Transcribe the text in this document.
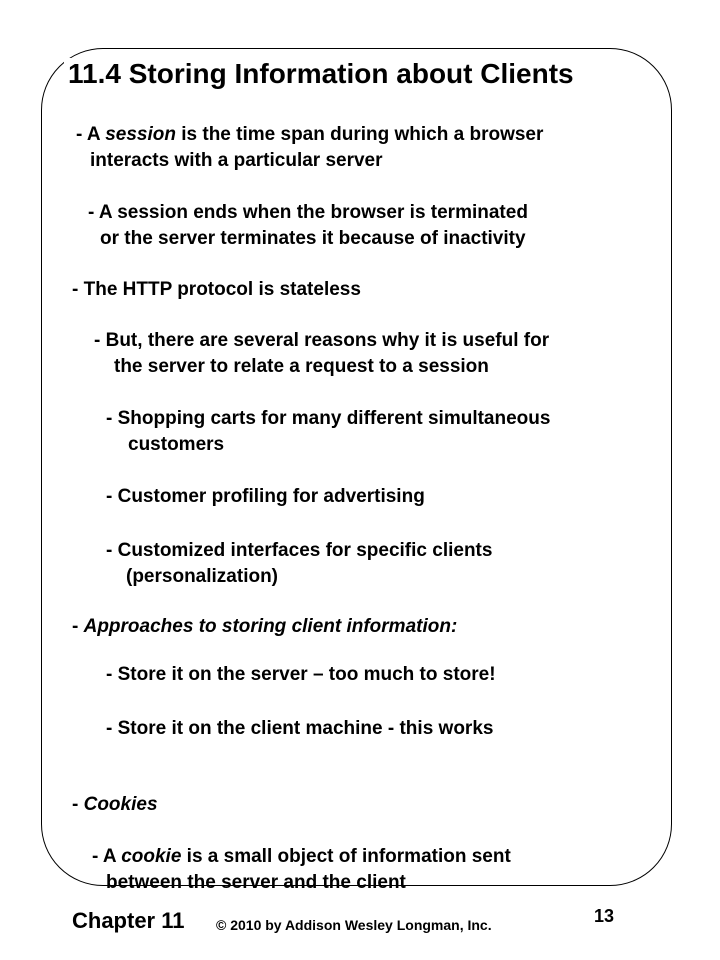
11.4 Storing Information about Clients
- A session is the time span during which a browser
interacts with a particular server
- A session ends when the browser is terminated
or the server terminates it because of inactivity
- The HTTP protocol is stateless
- But, there are several reasons why it is useful for
the server to relate a request to a session
- Shopping carts for many different simultaneous
customers
- Customer profiling for advertising
- Customized interfaces for specific clients
(personalization)
- Approaches to storing client information:
- Store it on the server – too much to store!
- Store it on the client machine - this works
- Cookies
- A cookie is a small object of information sent
between the server and the client
Chapter 11 © 2010 by Addison Wesley Longman, Inc.	13
